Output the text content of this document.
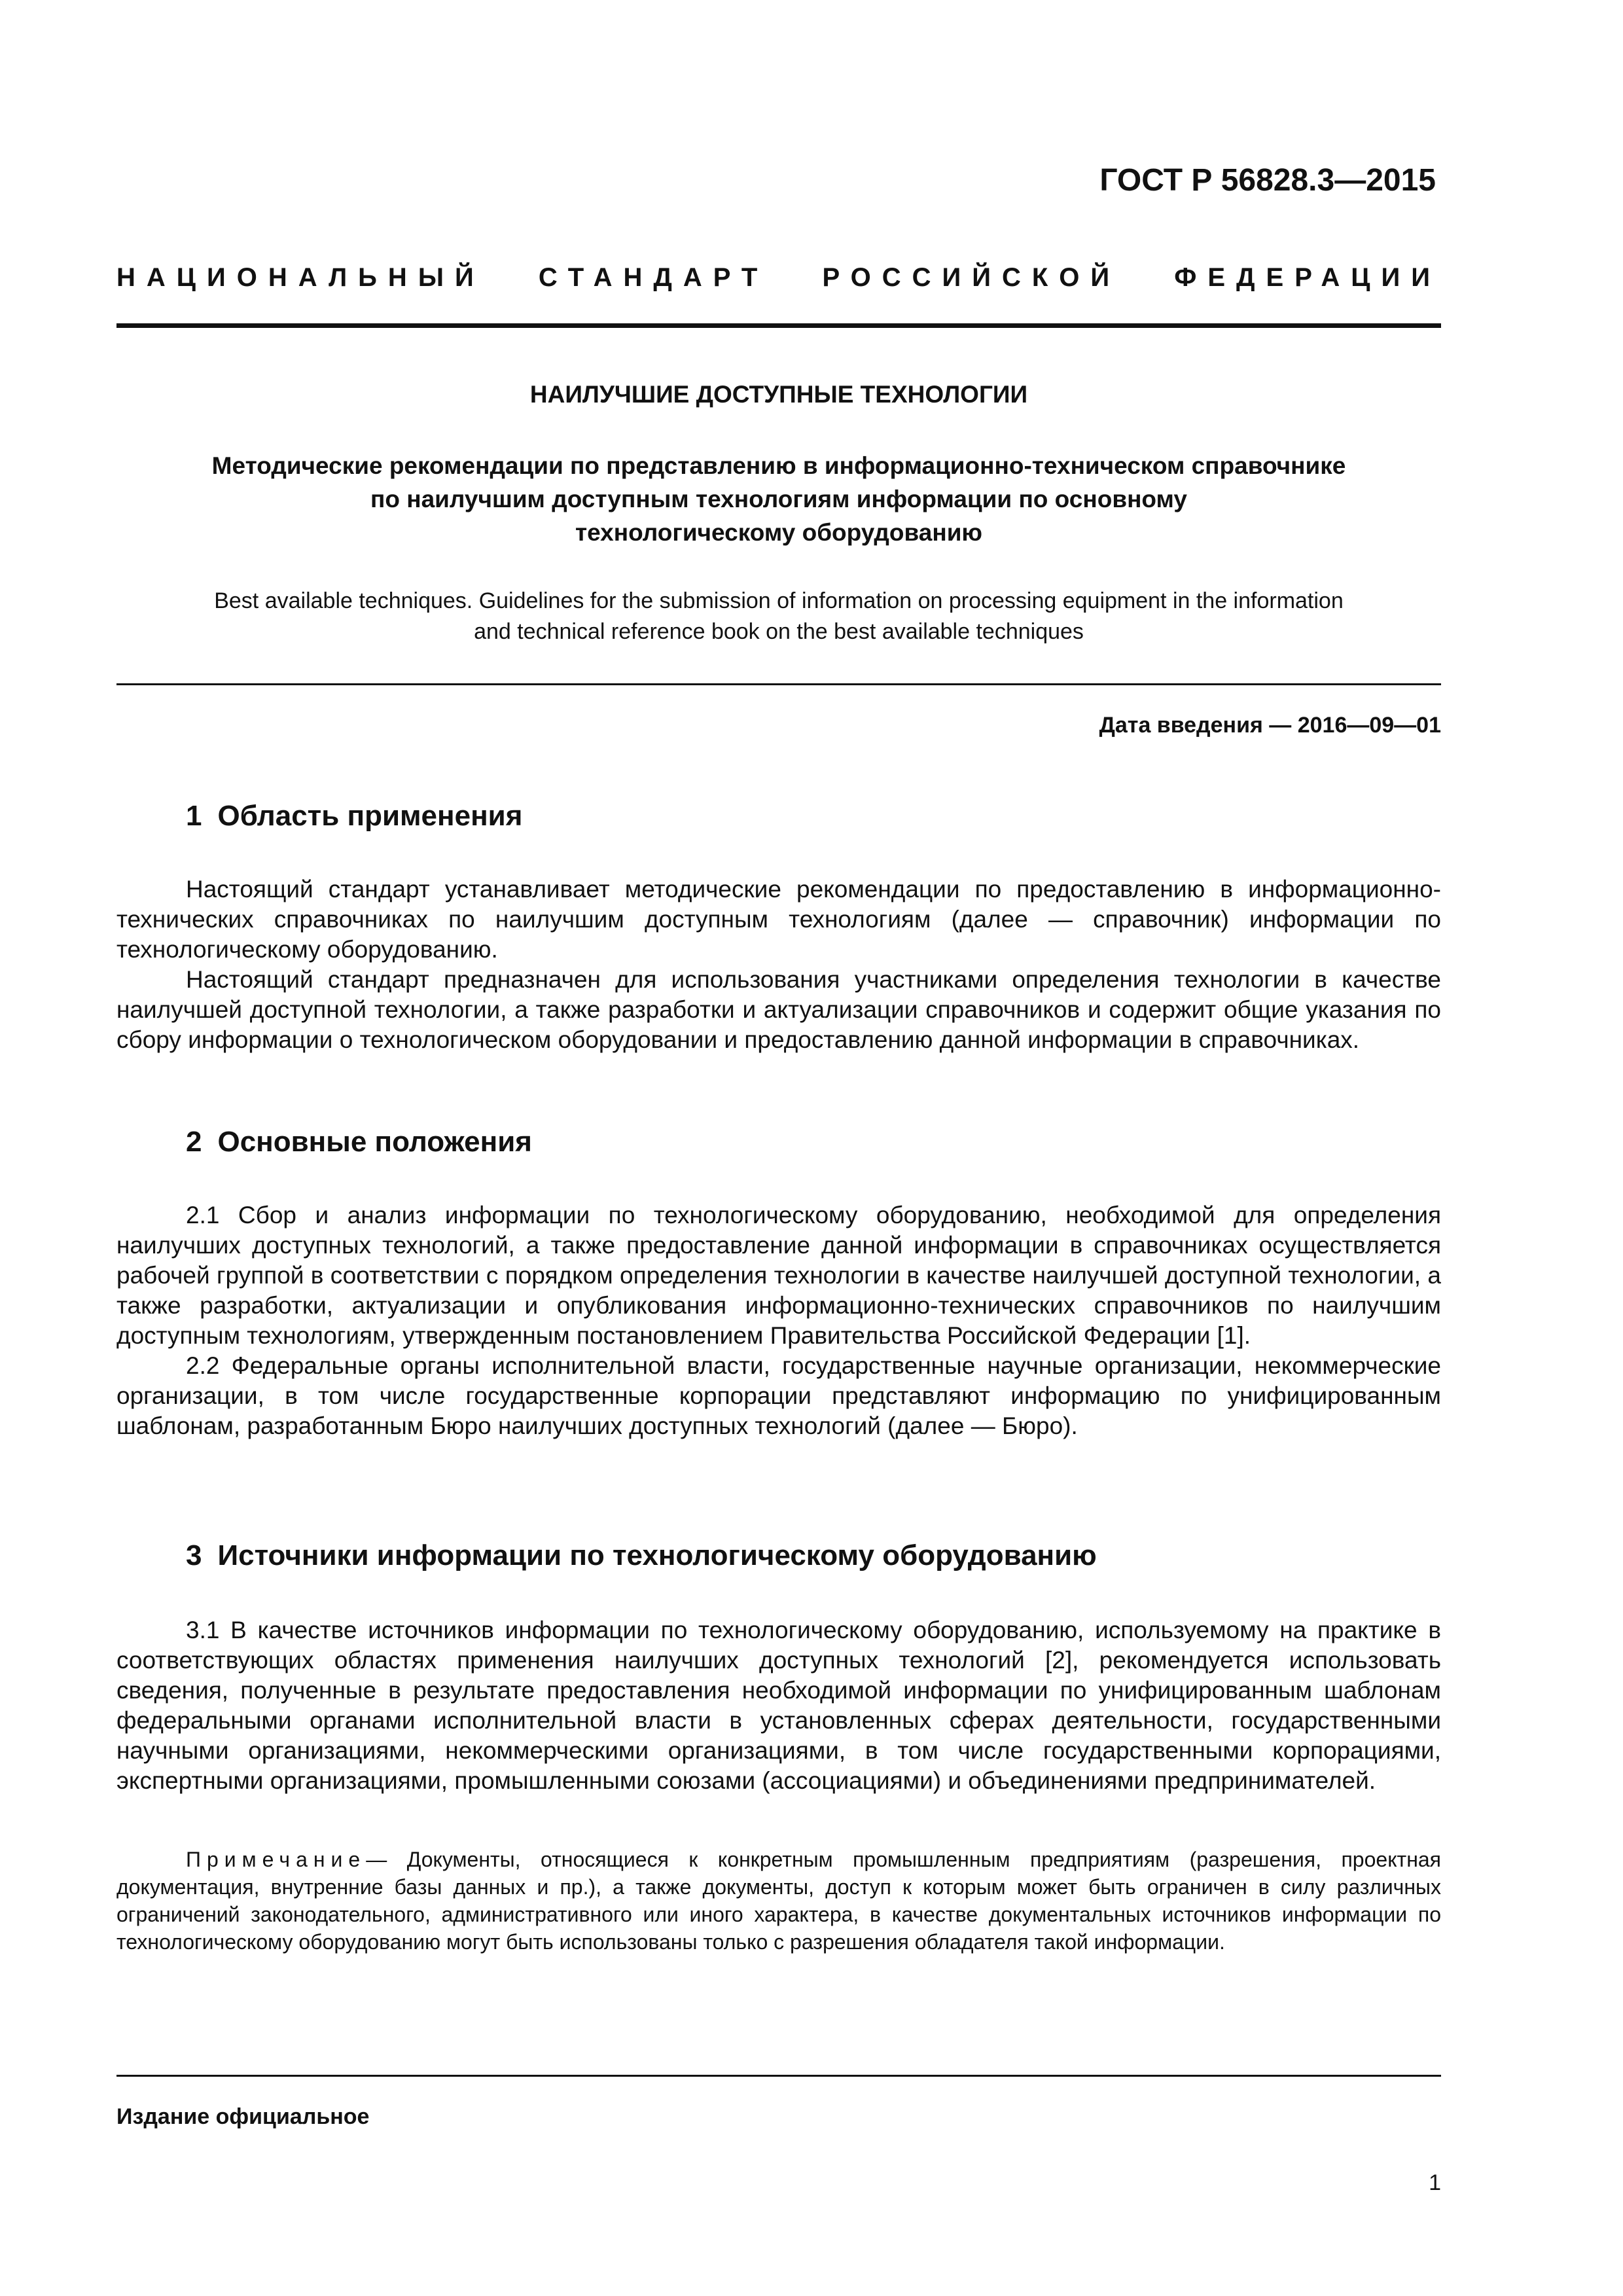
ГОСТ Р 56828.3—2015
НАЦИОНАЛЬНЫЙ СТАНДАРТ РОССИЙСКОЙ ФЕДЕРАЦИИ
НАИЛУЧШИЕ ДОСТУПНЫЕ ТЕХНОЛОГИИ
Методические рекомендации по представлению в информационно-техническом справочнике
по наилучшим доступным технологиям информации по основному
технологическому оборудованию
Best available techniques. Guidelines for the submission of information on processing equipment in the information
and technical reference book on the best available techniques
Дата введения — 2016—09—01
1 Область применения

Настоящий стандарт устанавливает методические рекомендации по предоставлению в информационно-технических справочниках по наилучшим доступным технологиям (далее — справочник) информации по технологическому оборудованию.

Настоящий стандарт предназначен для использования участниками определения технологии в качестве наилучшей доступной технологии, а также разработки и актуализации справочников и содержит общие указания по сбору информации о технологическом оборудовании и предоставлению данной информации в справочниках.

2 Основные положения

2.1 Сбор и анализ информации по технологическому оборудованию, необходимой для определения наилучших доступных технологий, а также предоставление данной информации в справочниках осуществляется рабочей группой в соответствии с порядком определения технологии в качестве наилучшей доступной технологии, а также разработки, актуализации и опубликования информационно-технических справочников по наилучшим доступным технологиям, утвержденным постановлением Правительства Российской Федерации [1].

2.2 Федеральные органы исполнительной власти, государственные научные организации, некоммерческие организации, в том числе государственные корпорации представляют информацию по унифицированным шаблонам, разработанным Бюро наилучших доступных технологий (далее — Бюро).

3 Источники информации по технологическому оборудованию

3.1 В качестве источников информации по технологическому оборудованию, используемому на практике в соответствующих областях применения наилучших доступных технологий [2], рекомендуется использовать сведения, полученные в результате предоставления необходимой информации по унифицированным шаблонам федеральными органами исполнительной власти в установленных сферах деятельности, государственными научными организациями, некоммерческими организациями, в том числе государственными корпорациями, экспертными организациями, промышленными союзами (ассоциациями) и объединениями предпринимателей.

Примечание— Документы, относящиеся к конкретным промышленным предприятиям (разрешения, проектная документация, внутренние базы данных и пр.), а также документы, доступ к которым может быть ограничен в силу различных ограничений законодательного, административного или иного характера, в качестве документальных источников информации по технологическому оборудованию могут быть использованы только с разрешения обладателя такой информации.
Издание официальное
1
